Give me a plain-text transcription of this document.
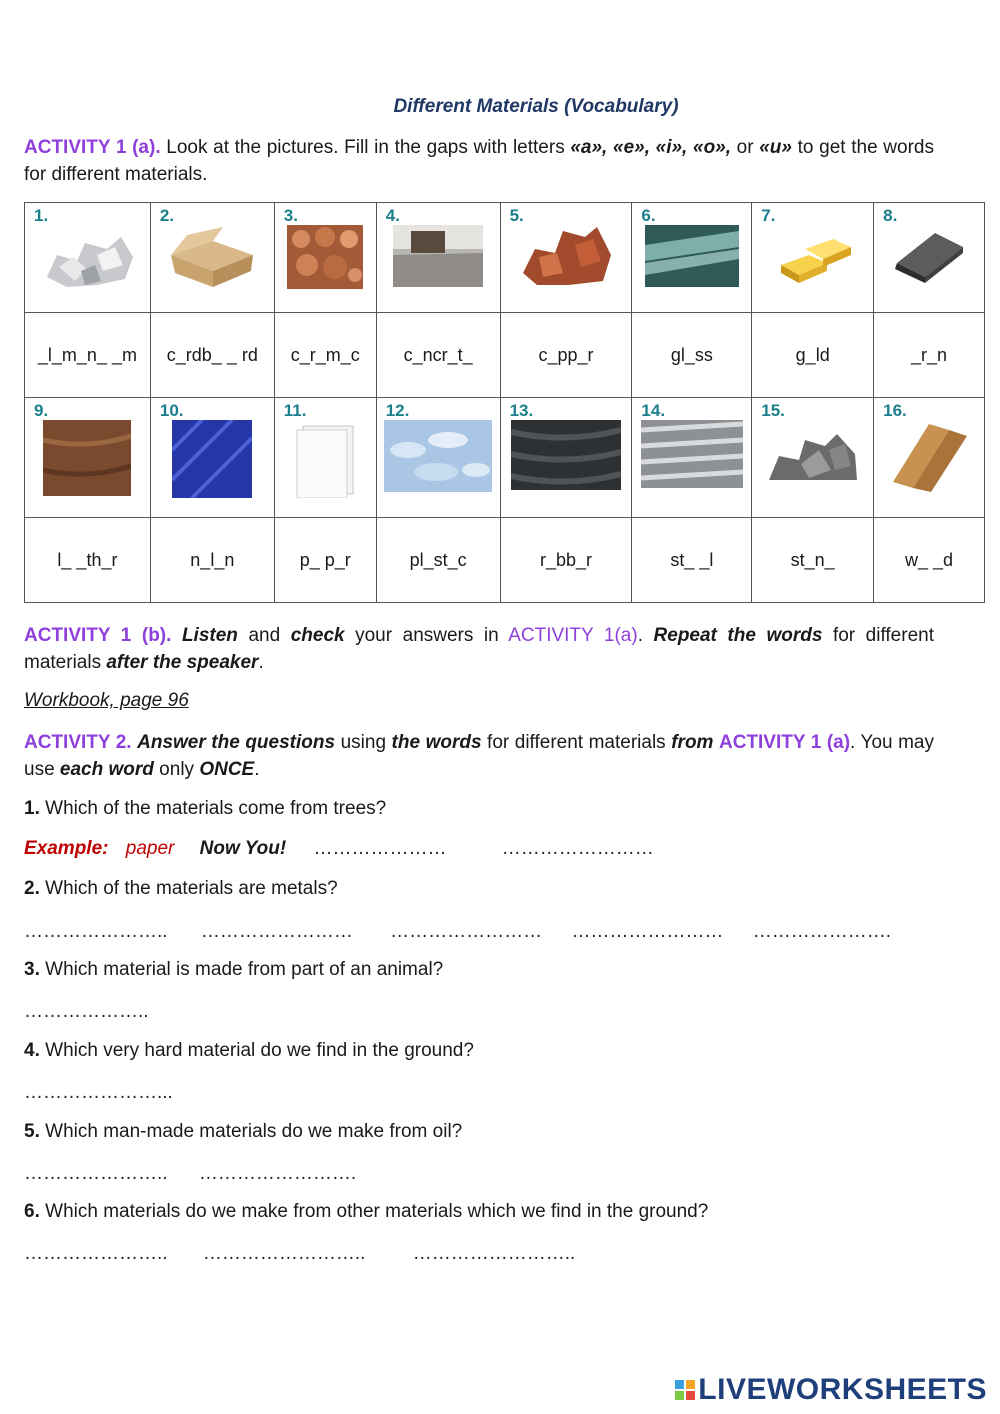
Different Materials (Vocabulary)
ACTIVITY 1 (a). Look at the pictures. Fill in the gaps with letters «a», «e», «i», «o», or «u» to get the words for different materials.
1.	2.	3.	4.	5.	6.	7.	8.

_l_m_n_ _m	c_rdb_ _ rd	c_r_m_c	c_ncr_t_	c_pp_r	gl_ss	g_ld	_r_n

9.	10.	11.	12.	13.	14.	15.	16.

l_ _th_r	n_l_n	p_ p_r	pl_st_c	r_bb_r	st_ _l	st_n_	w_ _d
ACTIVITY 1 (b). Listen and check your answers in ACTIVITY 1(a). Repeat the words for different materials after the speaker.
Workbook, page 96
ACTIVITY 2. Answer the questions using the words for different materials from ACTIVITY 1 (a). You may use each word only ONCE.
1. Which of the materials come from trees?
Example: paper Now You! …………………	……………………
2. Which of the materials are metals?
………………….. …………………… …………………… …………………… ………………….
3. Which material is made from part of an animal?
………………..
4. Which very hard material do we find in the ground?
…………………...
5. Which man-made materials do we make from oil?
………………….. …………………….
6. Which materials do we make from other materials which we find in the ground?
………………….. …………………….. ……………………..
LIVEWORKSHEETS
